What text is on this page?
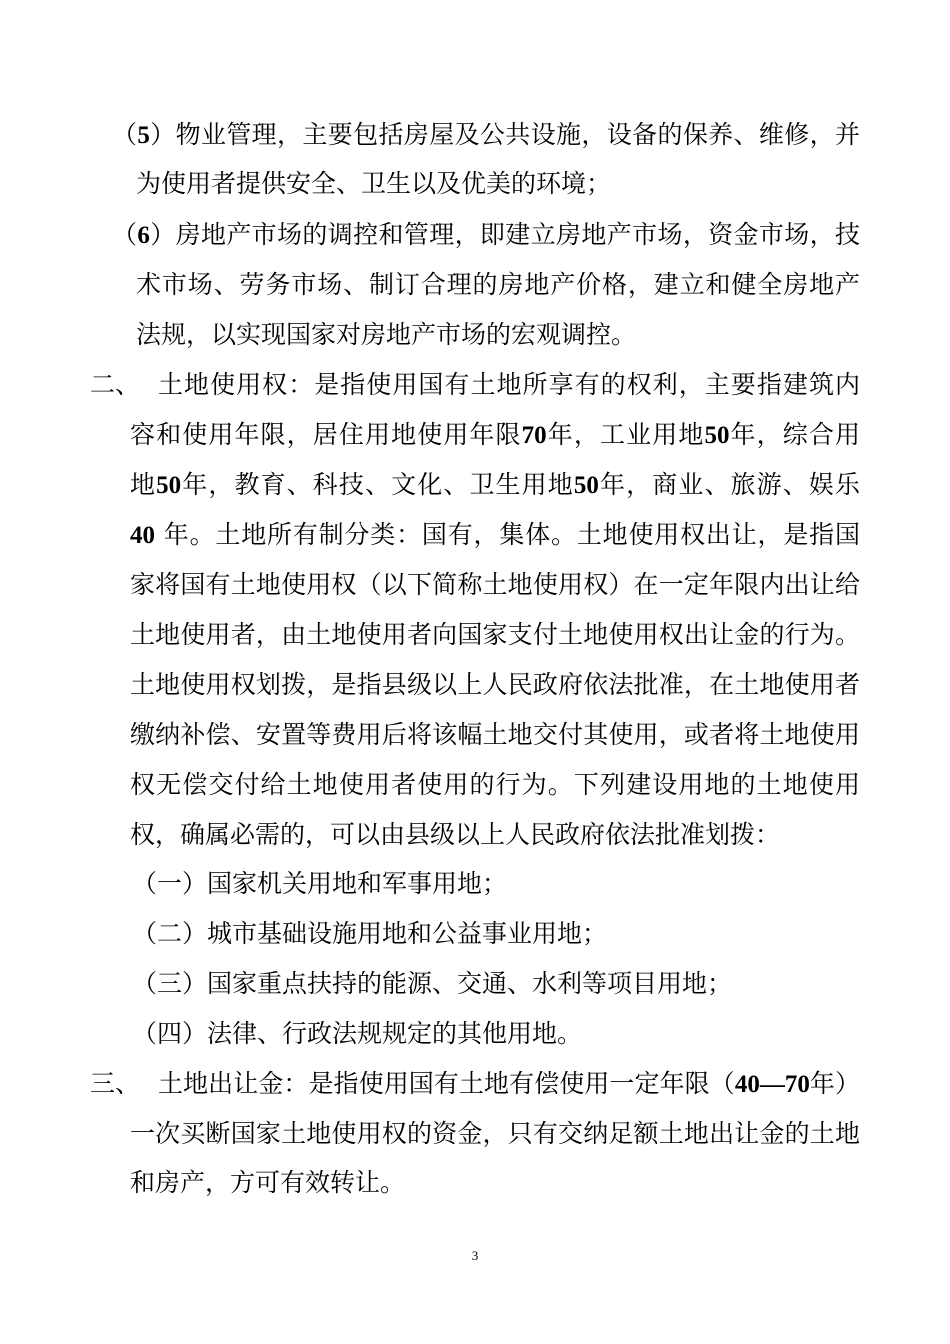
（5）物业管理，主要包括房屋及公共设施，设备的保养、维修，并
为使用者提供安全、卫生以及优美的环境；
（6）房地产市场的调控和管理，即建立房地产市场，资金市场，技
术市场、劳务市场、制订合理的房地产价格，建立和健全房地产
法规，以实现国家对房地产市场的宏观调控。
二、 土地使用权：是指使用国有土地所享有的权利，主要指建筑内
容和使用年限，居住用地使用年限70年，工业用地50年，综合用
地50年，教育、科技、文化、卫生用地50年，商业、旅游、娱乐
40 年。土地所有制分类：国有，集体。土地使用权出让，是指国
家将国有土地使用权（以下简称土地使用权）在一定年限内出让给
土地使用者，由土地使用者向国家支付土地使用权出让金的行为。
土地使用权划拨，是指县级以上人民政府依法批准，在土地使用者
缴纳补偿、安置等费用后将该幅土地交付其使用，或者将土地使用
权无偿交付给土地使用者使用的行为。下列建设用地的土地使用
权，确属必需的，可以由县级以上人民政府依法批准划拨：
（一）国家机关用地和军事用地；
（二）城市基础设施用地和公益事业用地；
（三）国家重点扶持的能源、交通、水利等项目用地；
（四）法律、行政法规规定的其他用地。
三、 土地出让金：是指使用国有土地有偿使用一定年限（40—70年）
一次买断国家土地使用权的资金，只有交纳足额土地出让金的土地
和房产，方可有效转让。
3
